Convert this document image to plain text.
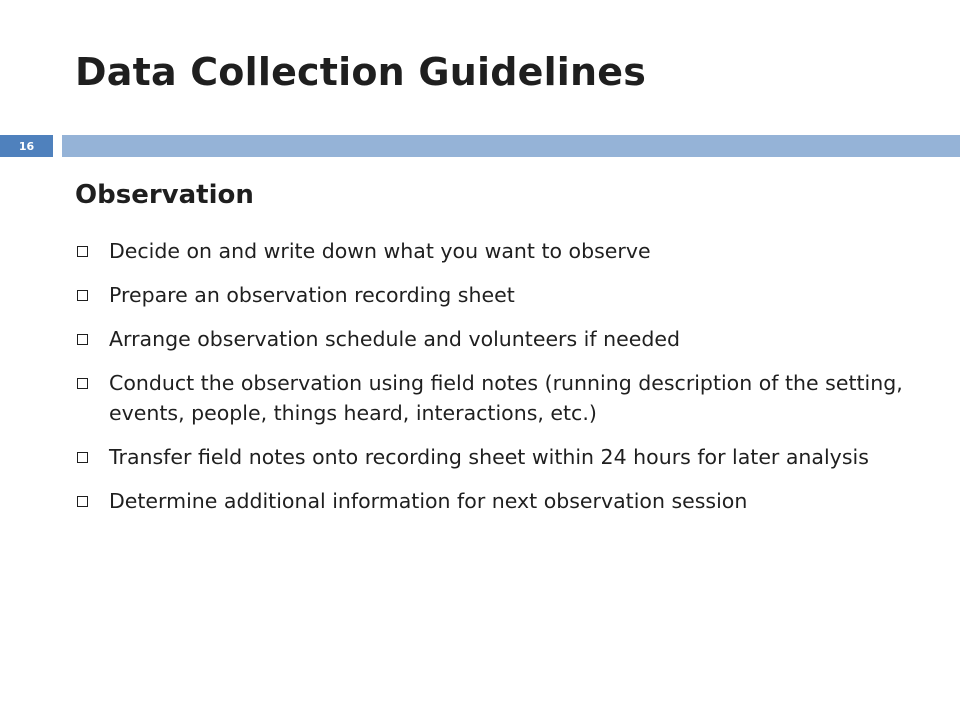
Data Collection Guidelines
16
Observation
Decide on and write down what you want to observe
Prepare an observation recording sheet
Arrange observation schedule and volunteers if needed
Conduct the observation using field notes (running description of the setting, events, people, things heard, interactions, etc.)
Transfer field notes onto recording sheet within 24 hours for later analysis
Determine additional information for next observation session
